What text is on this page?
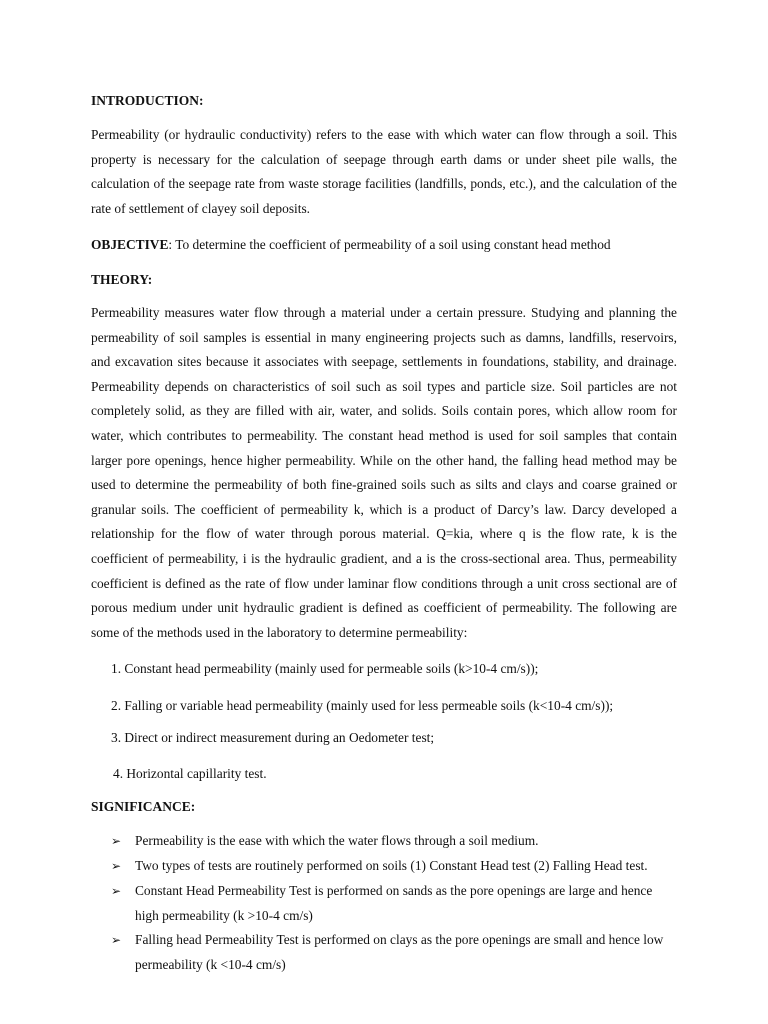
INTRODUCTION:
Permeability (or hydraulic conductivity) refers to the ease with which water can flow through a soil. This property is necessary for the calculation of seepage through earth dams or under sheet pile walls, the calculation of the seepage rate from waste storage facilities (landfills, ponds, etc.), and the calculation of the rate of settlement of clayey soil deposits.
OBJECTIVE: To determine the coefficient of permeability of a soil using constant head method
THEORY:
Permeability measures water flow through a material under a certain pressure. Studying and planning the permeability of soil samples is essential in many engineering projects such as damns, landfills, reservoirs, and excavation sites because it associates with seepage, settlements in foundations, stability, and drainage. Permeability depends on characteristics of soil such as soil types and particle size. Soil particles are not completely solid, as they are filled with air, water, and solids. Soils contain pores, which allow room for water, which contributes to permeability. The constant head method is used for soil samples that contain larger pore openings, hence higher permeability. While on the other hand, the falling head method may be used to determine the permeability of both fine-grained soils such as silts and clays and coarse grained or granular soils. The coefficient of permeability k, which is a product of Darcy’s law. Darcy developed a relationship for the flow of water through porous material. Q=kia, where q is the flow rate, k is the coefficient of permeability, i is the hydraulic gradient, and a is the cross-sectional area. Thus, permeability coefficient is defined as the rate of flow under laminar flow conditions through a unit cross sectional are of porous medium under unit hydraulic gradient is defined as coefficient of permeability. The following are some of the methods used in the laboratory to determine permeability:
1. Constant head permeability (mainly used for permeable soils (k>10-4 cm/s));
2. Falling or variable head permeability (mainly used for less permeable soils (k<10-4 cm/s));
3. Direct or indirect measurement during an Oedometer test;
4. Horizontal capillarity test.
SIGNIFICANCE:
➢ Permeability is the ease with which the water flows through a soil medium.
➢ Two types of tests are routinely performed on soils (1) Constant Head test (2) Falling Head test.
➢ Constant Head Permeability Test is performed on sands as the pore openings are large and hence high permeability (k >10-4 cm/s)
➢ Falling head Permeability Test is performed on clays as the pore openings are small and hence low permeability (k <10-4 cm/s)
